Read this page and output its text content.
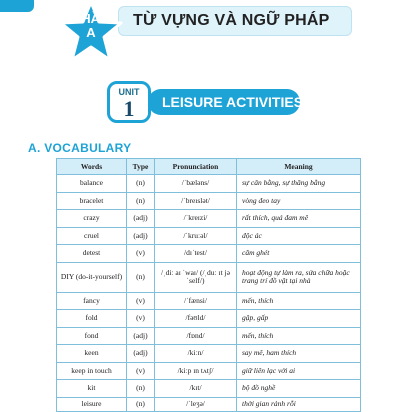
TỪ VỰNG VÀ NGỮ PHÁP
PHẦN
A
LEISURE ACTIVITIES
UNIT
1
A. VOCABULARY
Words	Type	Pronunciation	Meaning
balance	(n)	/ˈbæləns/	sự cân bằng, sự thăng bằng
bracelet	(n)	/ˈbreɪslət/	vòng đeo tay
crazy	(adj)	/ˈkreɪzi/	rất thích, quá đam mê
cruel	(adj)	/ˈkruːəl/	độc ác
detest	(v)	/dɪˈtest/	căm ghét
DIY (do-it-yourself)	(n)	/ˌdiː aɪ ˈwaɪ/ (/ˌduː ɪt jəˈself/)	hoạt động tự làm ra, sửa chữa hoặc trang trí đồ vật tại nhà
fancy	(v)	/ˈfænsi/	mến, thích
fold	(v)	/fəʊld/	gập, gấp
fond	(adj)	/fɒnd/	mến, thích
keen	(adj)	/kiːn/	say mê, ham thích
keep in touch	(v)	/kiːp ɪn tʌtʃ/	giữ liên lạc với ai
kit	(n)	/kɪt/	bộ đồ nghề
leisure	(n)	/ˈleʒə/	thời gian rảnh rỗi
